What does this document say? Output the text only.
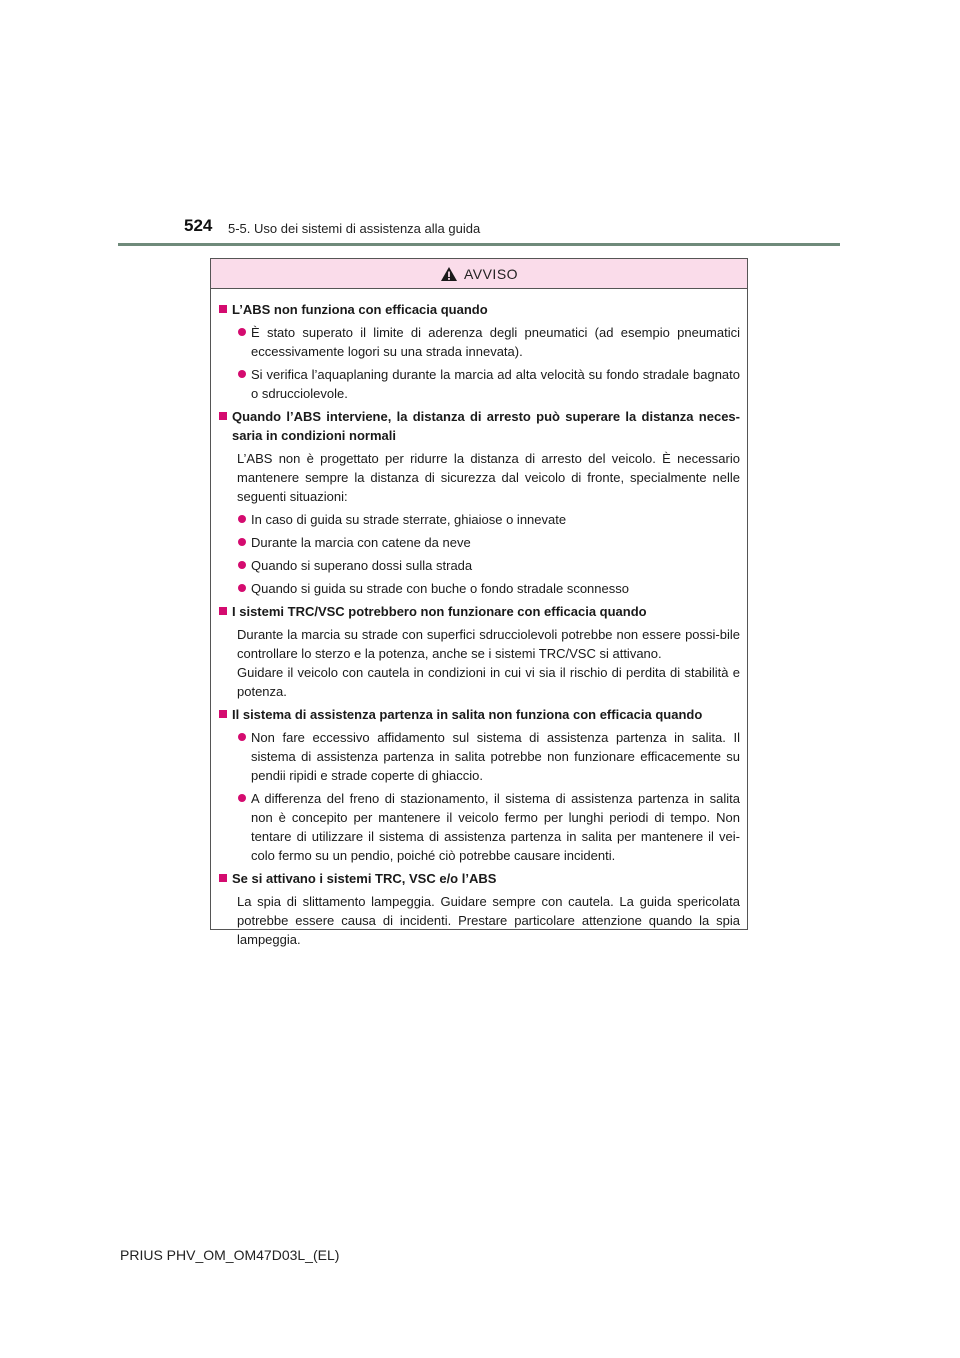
524 5-5. Uso dei sistemi di assistenza alla guida
AVVISO
L’ABS non funziona con efficacia quando
È stato superato il limite di aderenza degli pneumatici (ad esempio pneumatici eccessivamente logori su una strada innevata).
Si verifica l’aquaplaning durante la marcia ad alta velocità su fondo stradale bagnato o sdrucciolevole.
Quando l’ABS interviene, la distanza di arresto può superare la distanza neces-saria in condizioni normali
L’ABS non è progettato per ridurre la distanza di arresto del veicolo. È necessario mantenere sempre la distanza di sicurezza dal veicolo di fronte, specialmente nelle seguenti situazioni:
In caso di guida su strade sterrate, ghiaiose o innevate
Durante la marcia con catene da neve
Quando si superano dossi sulla strada
Quando si guida su strade con buche o fondo stradale sconnesso
I sistemi TRC/VSC potrebbero non funzionare con efficacia quando
Durante la marcia su strade con superfici sdrucciolevoli potrebbe non essere possi-bile controllare lo sterzo e la potenza, anche se i sistemi TRC/VSC si attivano.
Guidare il veicolo con cautela in condizioni in cui vi sia il rischio di perdita di stabilità e potenza.
Il sistema di assistenza partenza in salita non funziona con efficacia quando
Non fare eccessivo affidamento sul sistema di assistenza partenza in salita. Il sistema di assistenza partenza in salita potrebbe non funzionare efficacemente su pendii ripidi e strade coperte di ghiaccio.
A differenza del freno di stazionamento, il sistema di assistenza partenza in salita non è concepito per mantenere il veicolo fermo per lunghi periodi di tempo. Non tentare di utilizzare il sistema di assistenza partenza in salita per mantenere il vei-colo fermo su un pendio, poiché ciò potrebbe causare incidenti.
Se si attivano i sistemi TRC, VSC e/o l’ABS
La spia di slittamento lampeggia. Guidare sempre con cautela. La guida spericolata potrebbe essere causa di incidenti. Prestare particolare attenzione quando la spia lampeggia.
PRIUS PHV_OM_OM47D03L_(EL)
